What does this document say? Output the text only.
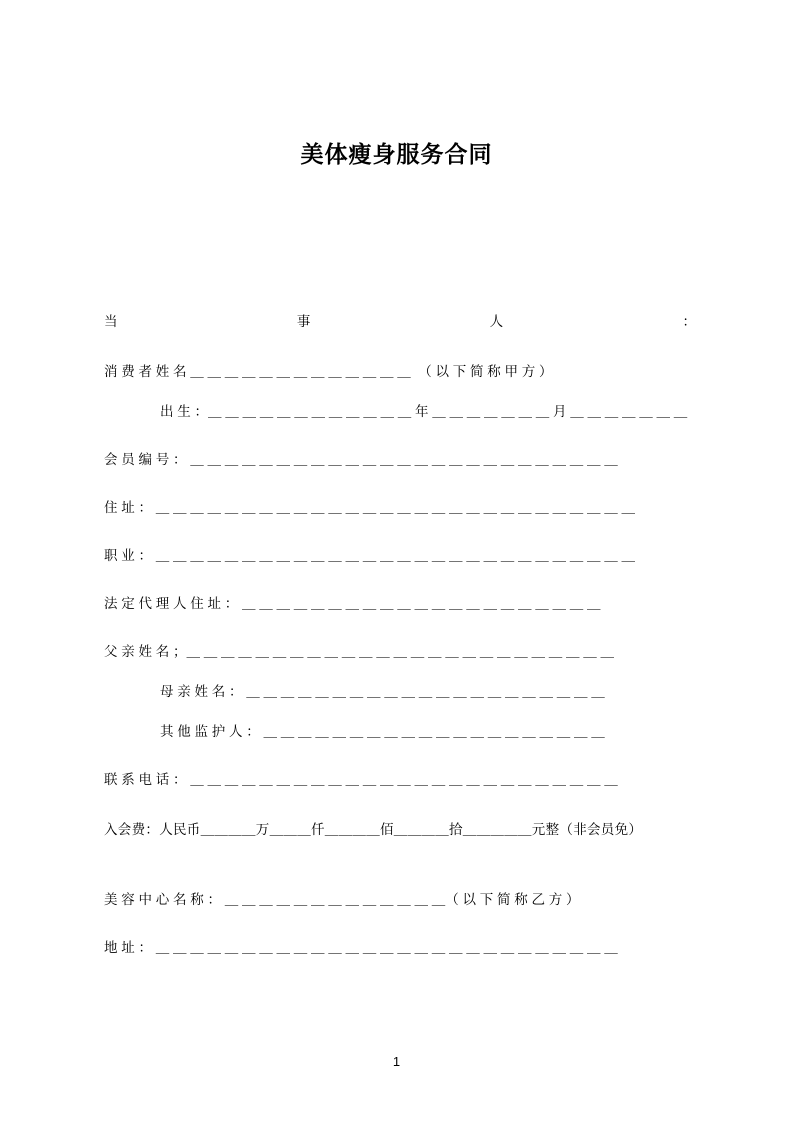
美体瘦身服务合同
当	事	人	：
消 费 者 姓 名 ＿ ＿ ＿ ＿ ＿ ＿ ＿ ＿ ＿ ＿ ＿ ＿ ＿  （ 以 下 简 称 甲 方 ）
出 生 ：＿ ＿ ＿ ＿ ＿ ＿ ＿ ＿ ＿ ＿ ＿ ＿ 年 ＿ ＿ ＿ ＿ ＿ ＿ ＿ 月 ＿ ＿ ＿ ＿ ＿ ＿ ＿
会 员 编 号 ： ＿ ＿ ＿ ＿ ＿ ＿ ＿ ＿ ＿ ＿ ＿ ＿ ＿ ＿ ＿ ＿ ＿ ＿ ＿ ＿ ＿ ＿ ＿ ＿ ＿
住 址 ： ＿ ＿ ＿ ＿ ＿ ＿ ＿ ＿ ＿ ＿ ＿ ＿ ＿ ＿ ＿ ＿ ＿ ＿ ＿ ＿ ＿ ＿ ＿ ＿ ＿ ＿ ＿ ＿
职 业 ： ＿ ＿ ＿ ＿ ＿ ＿ ＿ ＿ ＿ ＿ ＿ ＿ ＿ ＿ ＿ ＿ ＿ ＿ ＿ ＿ ＿ ＿ ＿ ＿ ＿ ＿ ＿ ＿
法 定 代 理 人 住 址 ： ＿ ＿ ＿ ＿ ＿ ＿ ＿ ＿ ＿ ＿ ＿ ＿ ＿ ＿ ＿ ＿ ＿ ＿ ＿ ＿ ＿
父 亲 姓 名 ；＿ ＿ ＿ ＿ ＿ ＿ ＿ ＿ ＿ ＿ ＿ ＿ ＿ ＿ ＿ ＿ ＿ ＿ ＿ ＿ ＿ ＿ ＿ ＿ ＿
母 亲 姓 名 ： ＿ ＿ ＿ ＿ ＿ ＿ ＿ ＿ ＿ ＿ ＿ ＿ ＿ ＿ ＿ ＿ ＿ ＿ ＿ ＿ ＿
其 他 监 护 人 ： ＿ ＿ ＿ ＿ ＿ ＿ ＿ ＿ ＿ ＿ ＿ ＿ ＿ ＿ ＿ ＿ ＿ ＿ ＿ ＿
联 系 电 话 ： ＿ ＿ ＿ ＿ ＿ ＿ ＿ ＿ ＿ ＿ ＿ ＿ ＿ ＿ ＿ ＿ ＿ ＿ ＿ ＿ ＿ ＿ ＿ ＿ ＿
入会费：人民币＿＿＿＿万＿＿＿仟＿＿＿＿佰＿＿＿＿拾＿＿＿＿＿元整（非会员免）
美 容 中 心 名 称 ： ＿ ＿ ＿ ＿ ＿ ＿ ＿ ＿ ＿ ＿ ＿ ＿ ＿（ 以 下 简 称 乙 方 ）
地 址 ： ＿ ＿ ＿ ＿ ＿ ＿ ＿ ＿ ＿ ＿ ＿ ＿ ＿ ＿ ＿ ＿ ＿ ＿ ＿ ＿ ＿ ＿ ＿ ＿ ＿ ＿ ＿
1
